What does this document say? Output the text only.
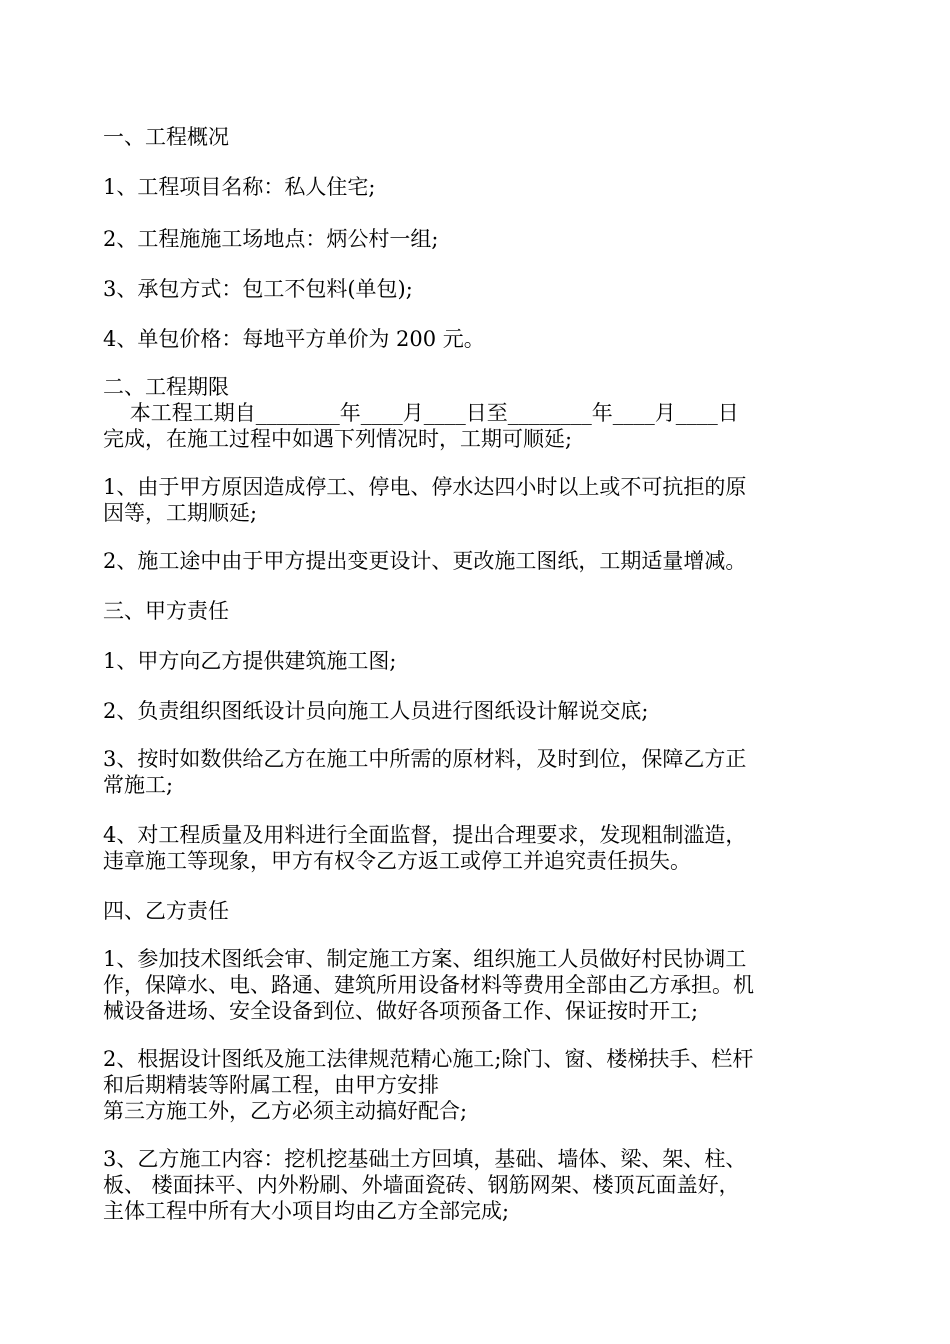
一、工程概况

1、工程项目名称：私人住宅;

2、工程施施工场地点：炳公村一组;

3、承包方式：包工不包料(单包);

4、单包价格：每地平方单价为 200 元。

二、工程期限

本工程工期自________年____月____日至________年____月____日

完成，在施工过程中如遇下列情况时，工期可顺延;

1、由于甲方原因造成停工、停电、停水达四小时以上或不可抗拒的原

因等，工期顺延;

2、施工途中由于甲方提出变更设计、更改施工图纸，工期适量增减。

三、甲方责任

1、甲方向乙方提供建筑施工图;

2、负责组织图纸设计员向施工人员进行图纸设计解说交底;

3、按时如数供给乙方在施工中所需的原材料，及时到位，保障乙方正

常施工;

4、对工程质量及用料进行全面监督，提出合理要求，发现粗制滥造，

违章施工等现象，甲方有权令乙方返工或停工并追究责任损失。

四、乙方责任

1、参加技术图纸会审、制定施工方案、组织施工人员做好村民协调工

作，保障水、电、路通、建筑所用设备材料等费用全部由乙方承担。机

械设备进场、安全设备到位、做好各项预备工作、保证按时开工;

2、根据设计图纸及施工法律规范精心施工;除门、窗、楼梯扶手、栏杆

和后期精装等附属工程，由甲方安排

第三方施工外，乙方必须主动搞好配合;

3、乙方施工内容：挖机挖基础土方回填，基础、墙体、梁、架、柱、

板、 楼面抹平、内外粉刷、外墙面瓷砖、钢筋网架、楼顶瓦面盖好，

主体工程中所有大小项目均由乙方全部完成;
